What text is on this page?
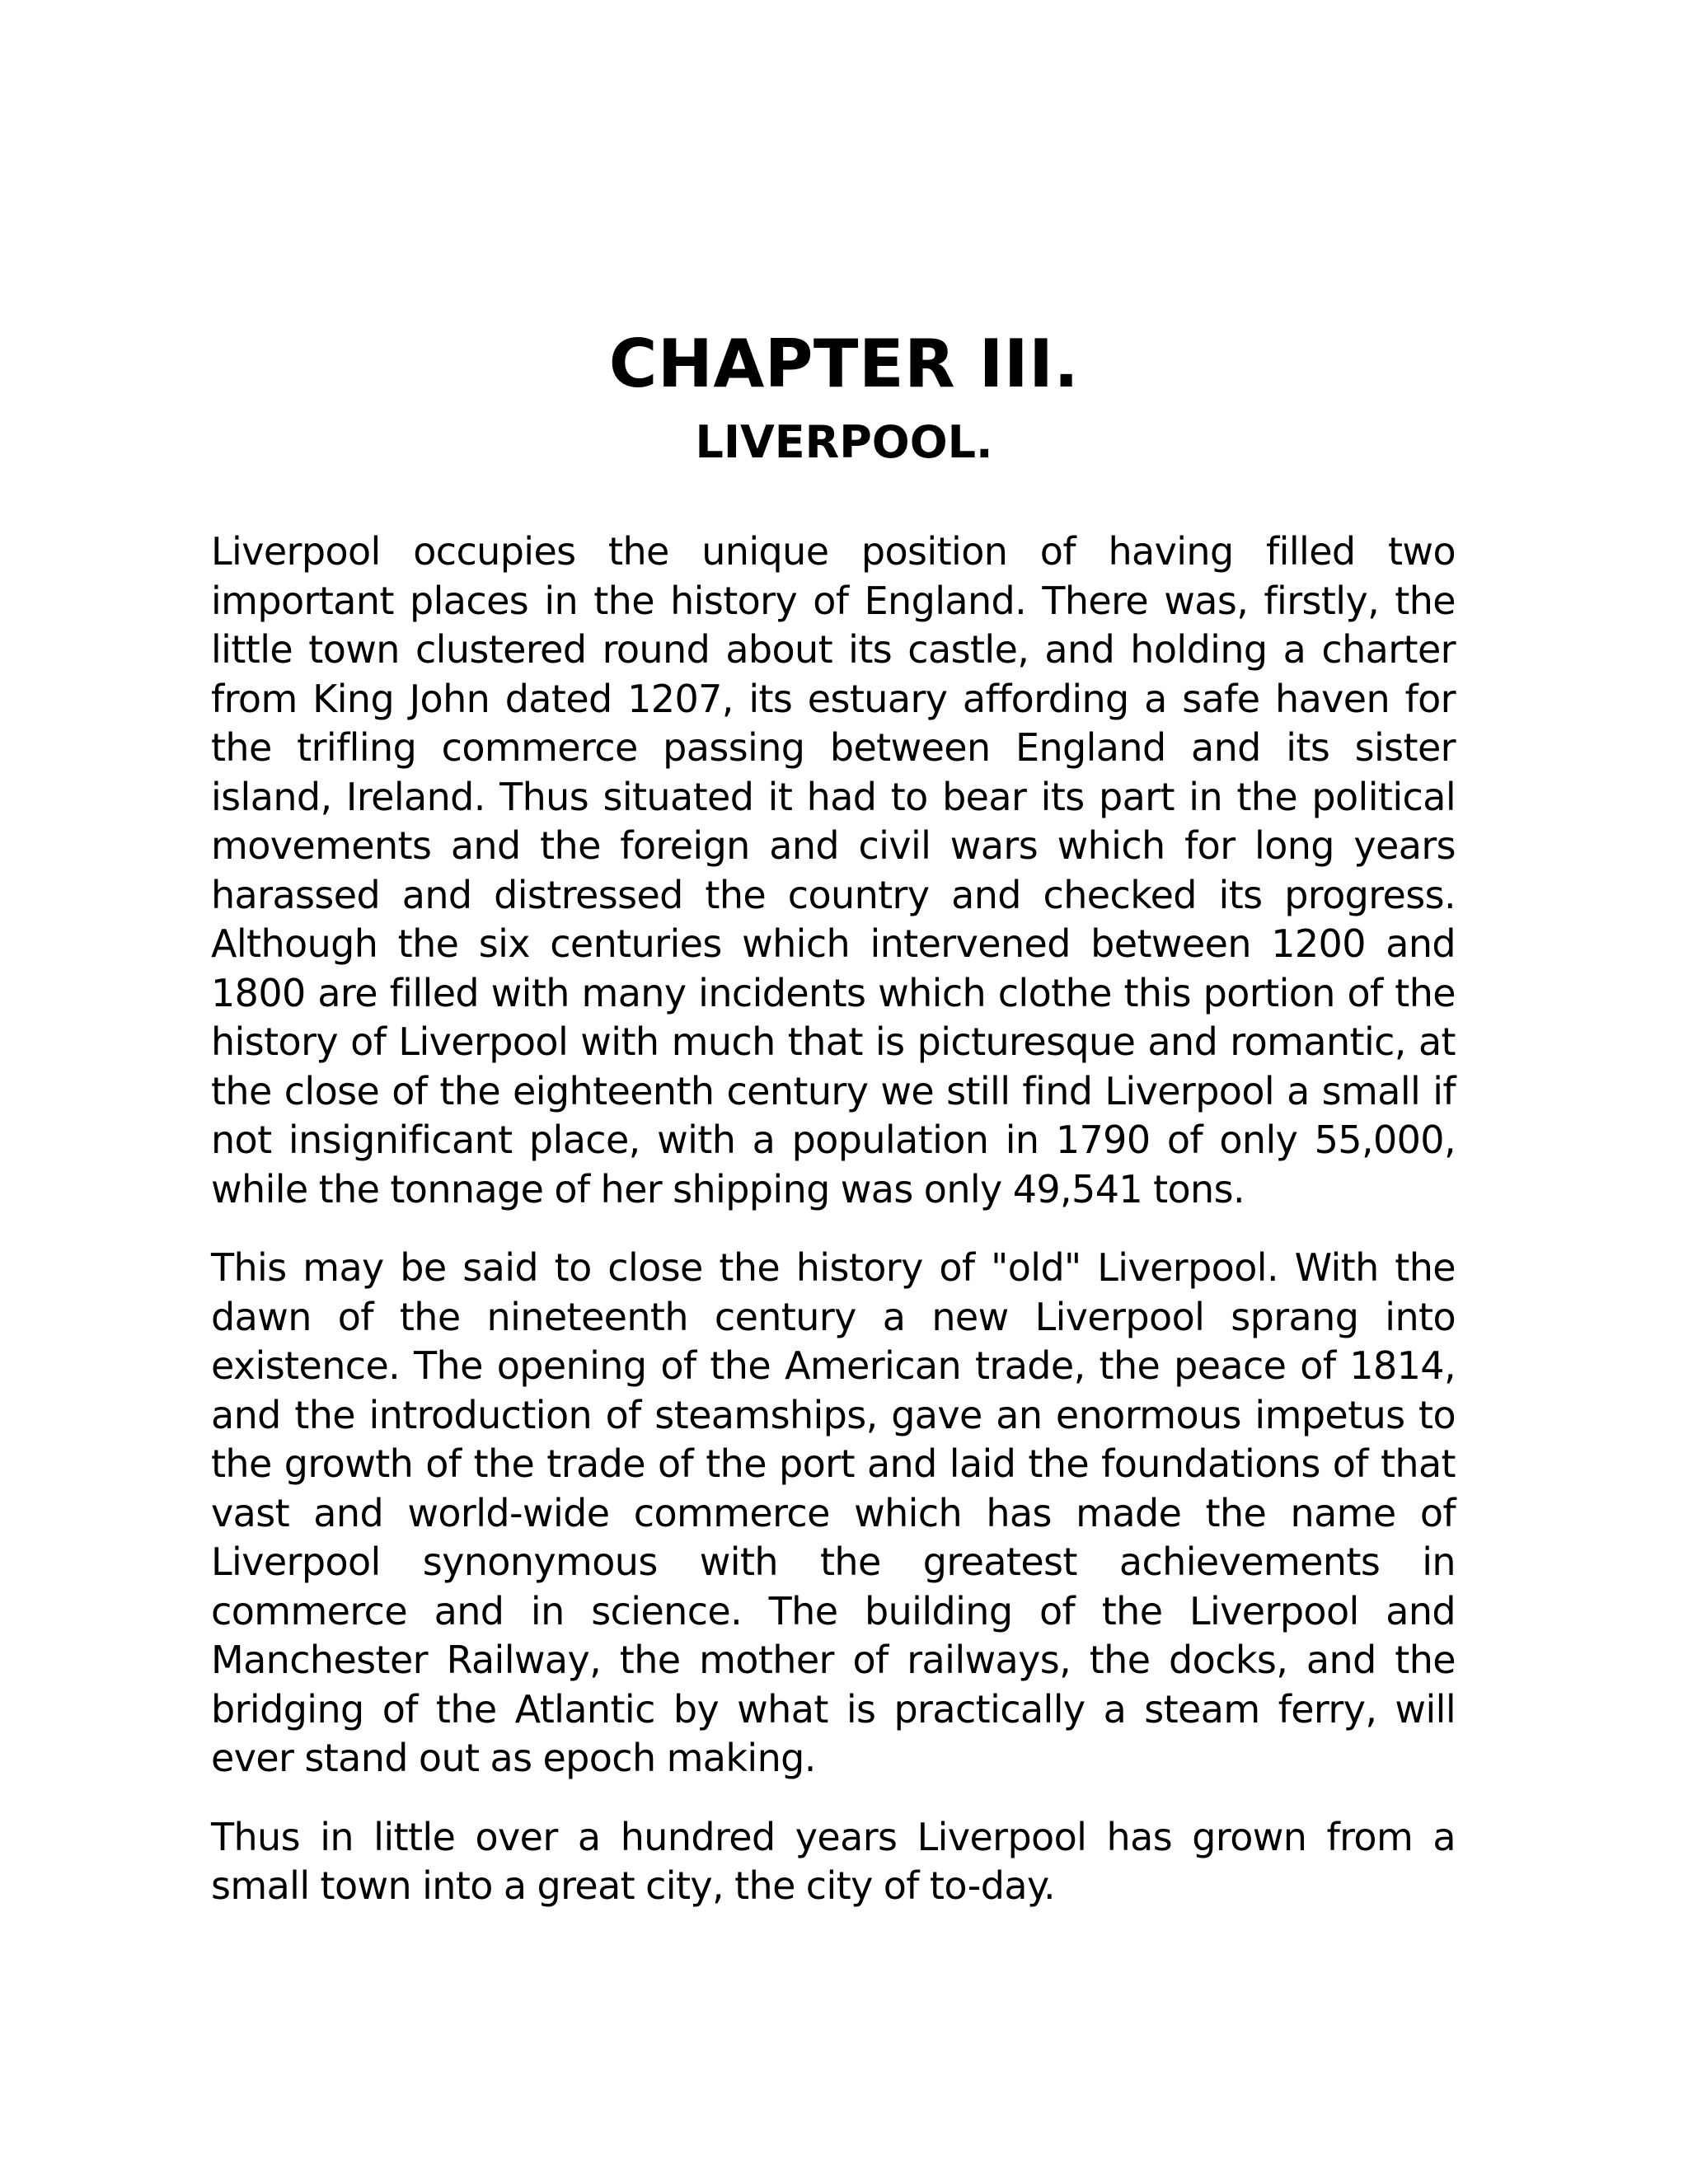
CHAPTER III.
LIVERPOOL.

Liverpool occupies the unique position of having filled two important places in the history of England. There was, firstly, the little town clustered round about its castle, and holding a charter from King John dated 1207, its estuary affording a safe haven for the trifling commerce passing between England and its sister island, Ireland. Thus situated it had to bear its part in the political movements and the foreign and civil wars which for long years harassed and distressed the country and checked its progress. Although the six centuries which intervened between 1200 and 1800 are filled with many incidents which clothe this portion of the history of Liverpool with much that is picturesque and romantic, at the close of the eighteenth century we still find Liverpool a small if not insignificant place, with a population in 1790 of only 55,000, while the tonnage of her shipping was only 49,541 tons.

This may be said to close the history of "old" Liverpool. With the dawn of the nineteenth century a new Liverpool sprang into existence. The opening of the American trade, the peace of 1814, and the introduction of steamships, gave an enormous impetus to the growth of the trade of the port and laid the foundations of that vast and world-wide commerce which has made the name of Liverpool synonymous with the greatest achievements in commerce and in science. The building of the Liverpool and Manchester Railway, the mother of railways, the docks, and the bridging of the Atlantic by what is practically a steam ferry, will ever stand out as epoch making.

Thus in little over a hundred years Liverpool has grown from a small town into a great city, the city of to-day.
